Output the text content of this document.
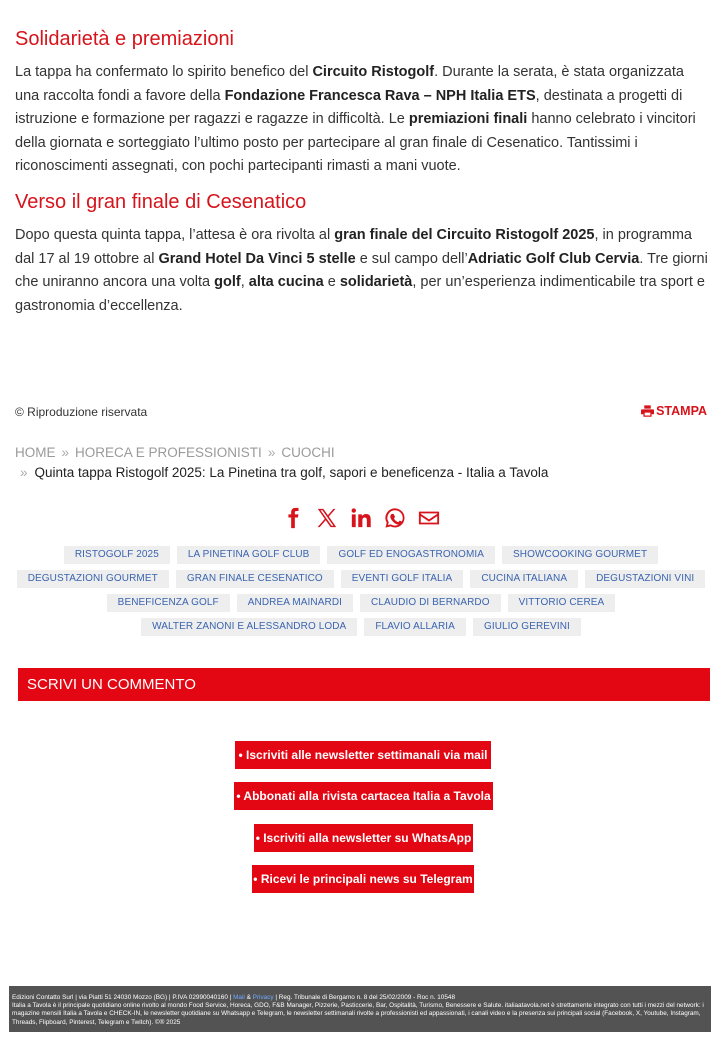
Solidarietà e premiazioni

La tappa ha confermato lo spirito benefico del Circuito Ristogolf. Durante la serata, è stata organizzata una raccolta fondi a favore della Fondazione Francesca Rava – NPH Italia ETS, destinata a progetti di istruzione e formazione per ragazzi e ragazze in difficoltà. Le premiazioni finali hanno celebrato i vincitori della giornata e sorteggiato l’ultimo posto per partecipare al gran finale di Cesenatico. Tantissimi i riconoscimenti assegnati, con pochi partecipanti rimasti a mani vuote.

Verso il gran finale di Cesenatico

Dopo questa quinta tappa, l’attesa è ora rivolta al gran finale del Circuito Ristogolf 2025, in programma dal 17 al 19 ottobre al Grand Hotel Da Vinci 5 stelle e sul campo dell’Adriatic Golf Club Cervia. Tre giorni che uniranno ancora una volta golf, alta cucina e solidarietà, per un’esperienza indimenticabile tra sport e gastronomia d’eccellenza.

© Riproduzione riservata	STAMPA
HOME » HORECA E PROFESSIONISTI » CUOCHI
» Quinta tappa Ristogolf 2025: La Pinetina tra golf, sapori e beneficenza - Italia a Tavola
RISTOGOLF 2025	LA PINETINA GOLF CLUB	GOLF ED ENOGASTRONOMIA	SHOWCOOKING GOURMET
DEGUSTAZIONI GOURMET	GRAN FINALE CESENATICO	EVENTI GOLF ITALIA	CUCINA ITALIANA	DEGUSTAZIONI VINI
BENEFICENZA GOLF	ANDREA MAINARDI	CLAUDIO DI BERNARDO	VITTORIO CEREA
WALTER ZANONI E ALESSANDRO LODA	FLAVIO ALLARIA	GIULIO GEREVINI
SCRIVI UN COMMENTO
• Iscriviti alle newsletter settimanali via mail
• Abbonati alla rivista cartacea Italia a Tavola
• Iscriviti alla newsletter su WhatsApp
• Ricevi le principali news su Telegram
Edizioni Contatto Surl | via Piatti 51 24030 Mozzo (BG) | P.IVA 02990040160 | Mail & Privacy | Reg. Tribunale di Bergamo n. 8 del 25/02/2009 - Roc n. 10548
Italia a Tavola è il principale quotidiano online rivolto al mondo Food Service, Horeca, GDO, F&B Manager, Pizzerie, Pasticcerie, Bar, Ospitalità, Turismo, Benessere e Salute. italiaatavola.net è strettamente integrato con tutti i mezzi del network: i magazine mensili Italia a Tavola e CHECK-IN, le newsletter quotidiane su Whatsapp e Telegram, le newsletter settimanali rivolte a professionisti ed appassionati, i canali video e la presenza sui principali social (Facebook, X, Youtube, Instagram, Threads, Flipboard, Pinterest, Telegram e Twitch). ©® 2025
